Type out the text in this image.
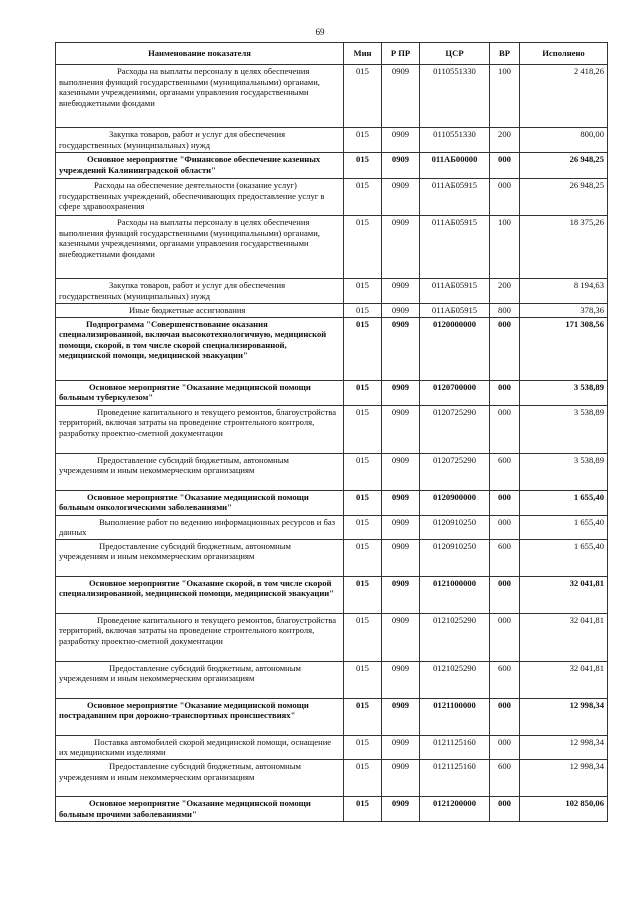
69
Наименование показателя	Мин	Р ПР	ЦСР	ВР	Исполнено
Расходы на выплаты персоналу в целях обеспечения выполнения функций государственными (муниципальными) органами, казенными учреждениями, органами управления государственными внебюджетными фондами	015	0909	0110551330	100	2 418,26
Закупка товаров, работ и услуг для обеспечения государственных (муниципальных) нужд	015	0909	0110551330	200	800,00
Основное мероприятие "Финансовое обеспечение казенных учреждений Калининградской области"	015	0909	011АБ00000	000	26 948,25
Расходы на обеспечение деятельности (оказание услуг) государственных учреждений, обеспечивающих предоставление услуг в сфере здравоохранения	015	0909	011АБ05915	000	26 948,25
Расходы на выплаты персоналу в целях обеспечения выполнения функций государственными (муниципальными) органами, казенными учреждениями, органами управления государственными внебюджетными фондами	015	0909	011АБ05915	100	18 375,26
Закупка товаров, работ и услуг для обеспечения государственных (муниципальных) нужд	015	0909	011АБ05915	200	8 194,63
Иные бюджетные ассигнования	015	0909	011АБ05915	800	378,36
Подпрограмма "Совершенствование оказания специализированной, включая высокотехнологичную, медицинской помощи, скорой, в том числе скорой специализированной, медицинской помощи, медицинской эвакуации"	015	0909	0120000000	000	171 308,56
Основное мероприятие "Оказание медицинской помощи больным туберкулезом"	015	0909	0120700000	000	3 538,89
Проведение капитального и текущего ремонтов, благоустройства территорий, включая затраты на проведение строительного контроля, разработку проектно-сметной документации	015	0909	0120725290	000	3 538,89
Предоставление субсидий бюджетным, автономным учреждениям и иным некоммерческим организациям	015	0909	0120725290	600	3 538,89
Основное мероприятие "Оказание медицинской помощи больным онкологическими заболеваниями"	015	0909	0120900000	000	1 655,40
Выполнение работ по ведению информационных ресурсов и баз данных	015	0909	0120910250	000	1 655,40
Предоставление субсидий бюджетным, автономным учреждениям и иным некоммерческим организациям	015	0909	0120910250	600	1 655,40
Основное мероприятие "Оказание скорой, в том числе скорой специализированной, медицинской помощи, медицинской эвакуации"	015	0909	0121000000	000	32 041,81
Проведение капитального и текущего ремонтов, благоустройства территорий, включая затраты на проведение строительного контроля, разработку проектно-сметной документации	015	0909	0121025290	000	32 041,81
Предоставление субсидий бюджетным, автономным учреждениям и иным некоммерческим организациям	015	0909	0121025290	600	32 041,81
Основное мероприятие "Оказание медицинской помощи пострадавшим при дорожно-транспортных происшествиях"	015	0909	0121100000	000	12 998,34
Поставка автомобилей скорой медицинской помощи, оснащение их медицинскими изделиями	015	0909	0121125160	000	12 998,34
Предоставление субсидий бюджетным, автономным учреждениям и иным некоммерческим организациям	015	0909	0121125160	600	12 998,34
Основное мероприятие "Оказание медицинской помощи больным прочими заболеваниями"	015	0909	0121200000	000	102 850,06
